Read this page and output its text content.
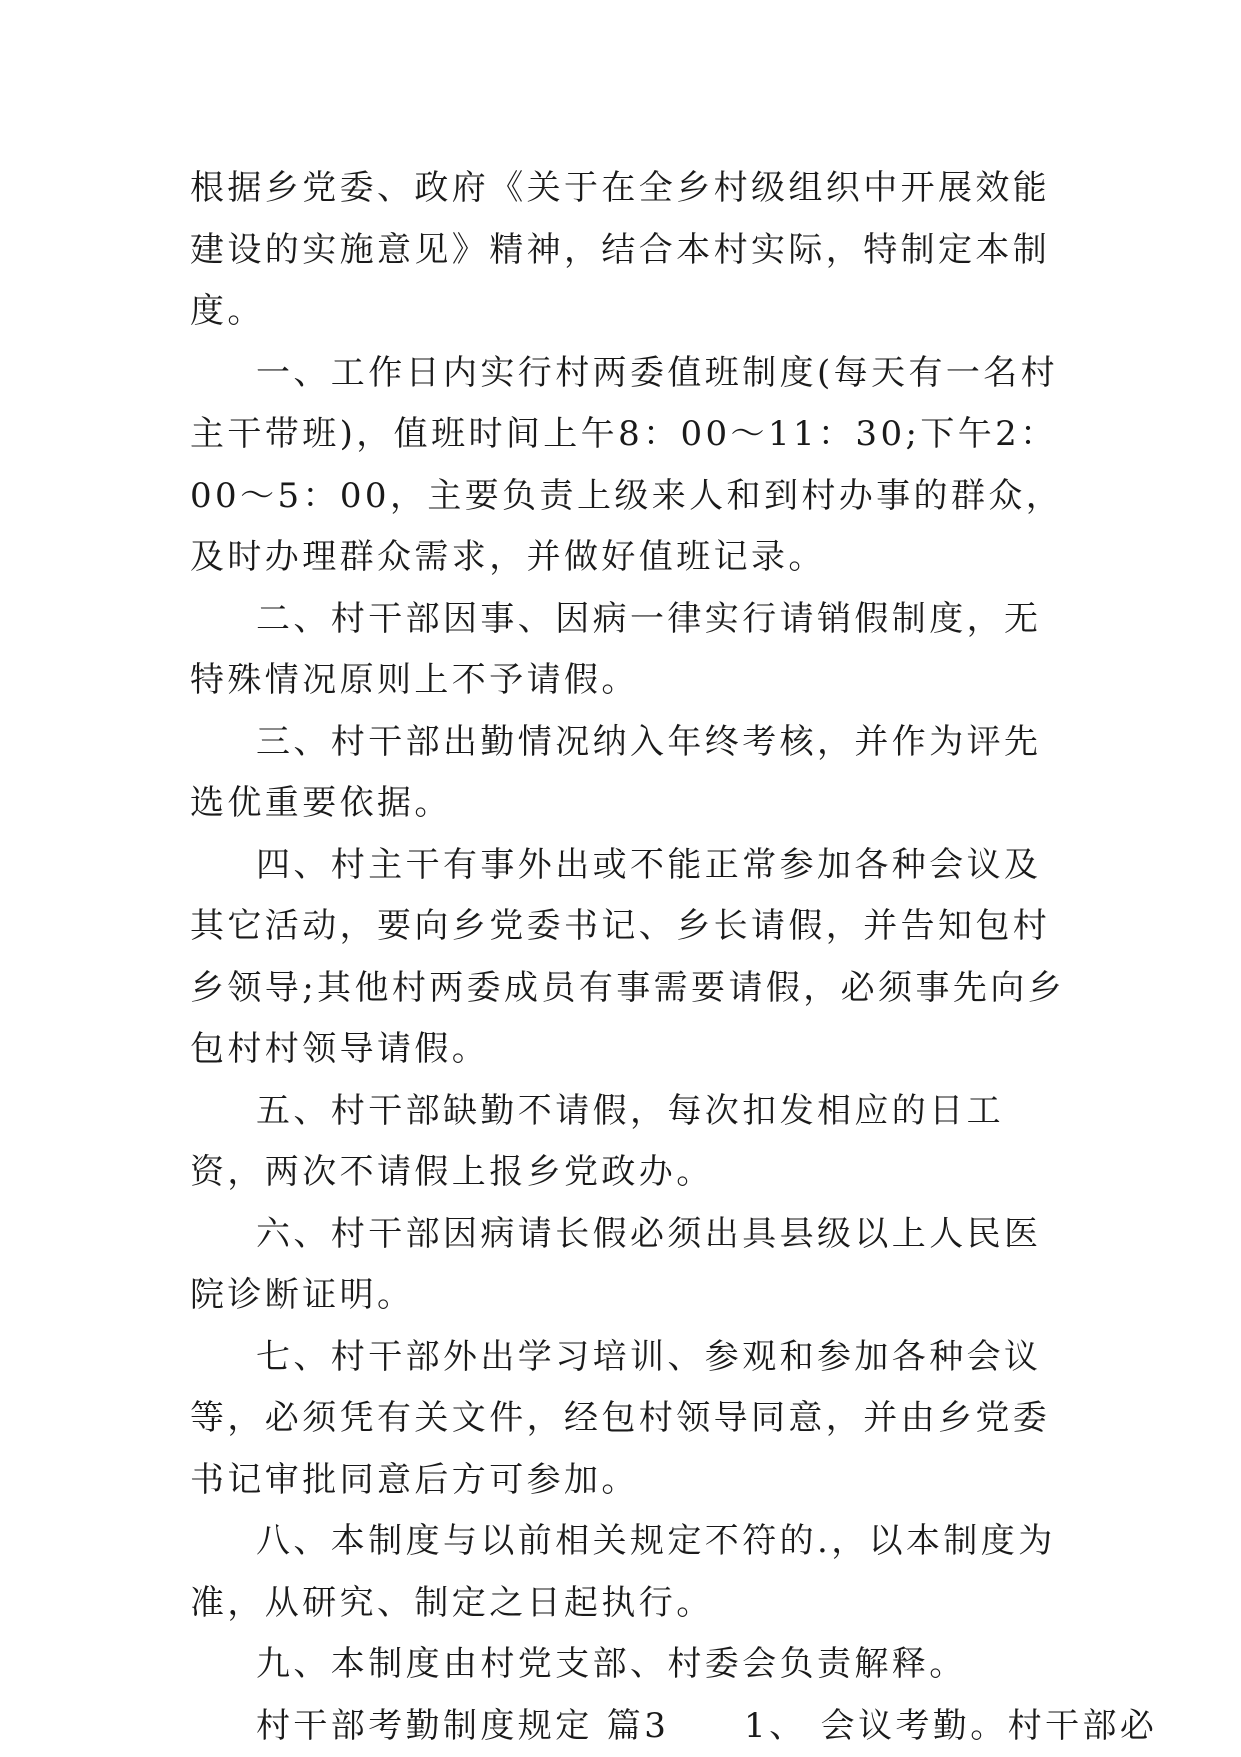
根据乡党委、政府《关于在全乡村级组织中开展效能建设的实施意见》精神，结合本村实际，特制定本制度。

一、工作日内实行村两委值班制度(每天有一名村主干带班)，值班时间上午8：00～11：30;下午2：00～5：00，主要负责上级来人和到村办事的群众，及时办理群众需求，并做好值班记录。

二、村干部因事、因病一律实行请销假制度，无特殊情况原则上不予请假。

三、村干部出勤情况纳入年终考核，并作为评先选优重要依据。

四、村主干有事外出或不能正常参加各种会议及其它活动，要向乡党委书记、乡长请假，并告知包村乡领导;其他村两委成员有事需要请假，必须事先向乡包村村领导请假。

五、村干部缺勤不请假，每次扣发相应的日工资，两次不请假上报乡党政办。

六、村干部因病请长假必须出具县级以上人民医院诊断证明。

七、村干部外出学习培训、参观和参加各种会议等，必须凭有关文件，经包村领导同意，并由乡党委书记审批同意后方可参加。

八、本制度与以前相关规定不符的.，以本制度为准，从研究、制定之日起执行。

九、本制度由村党支部、村委会负责解释。

村干部考勤制度规定 篇3　　1、 会议考勤。村干部必
